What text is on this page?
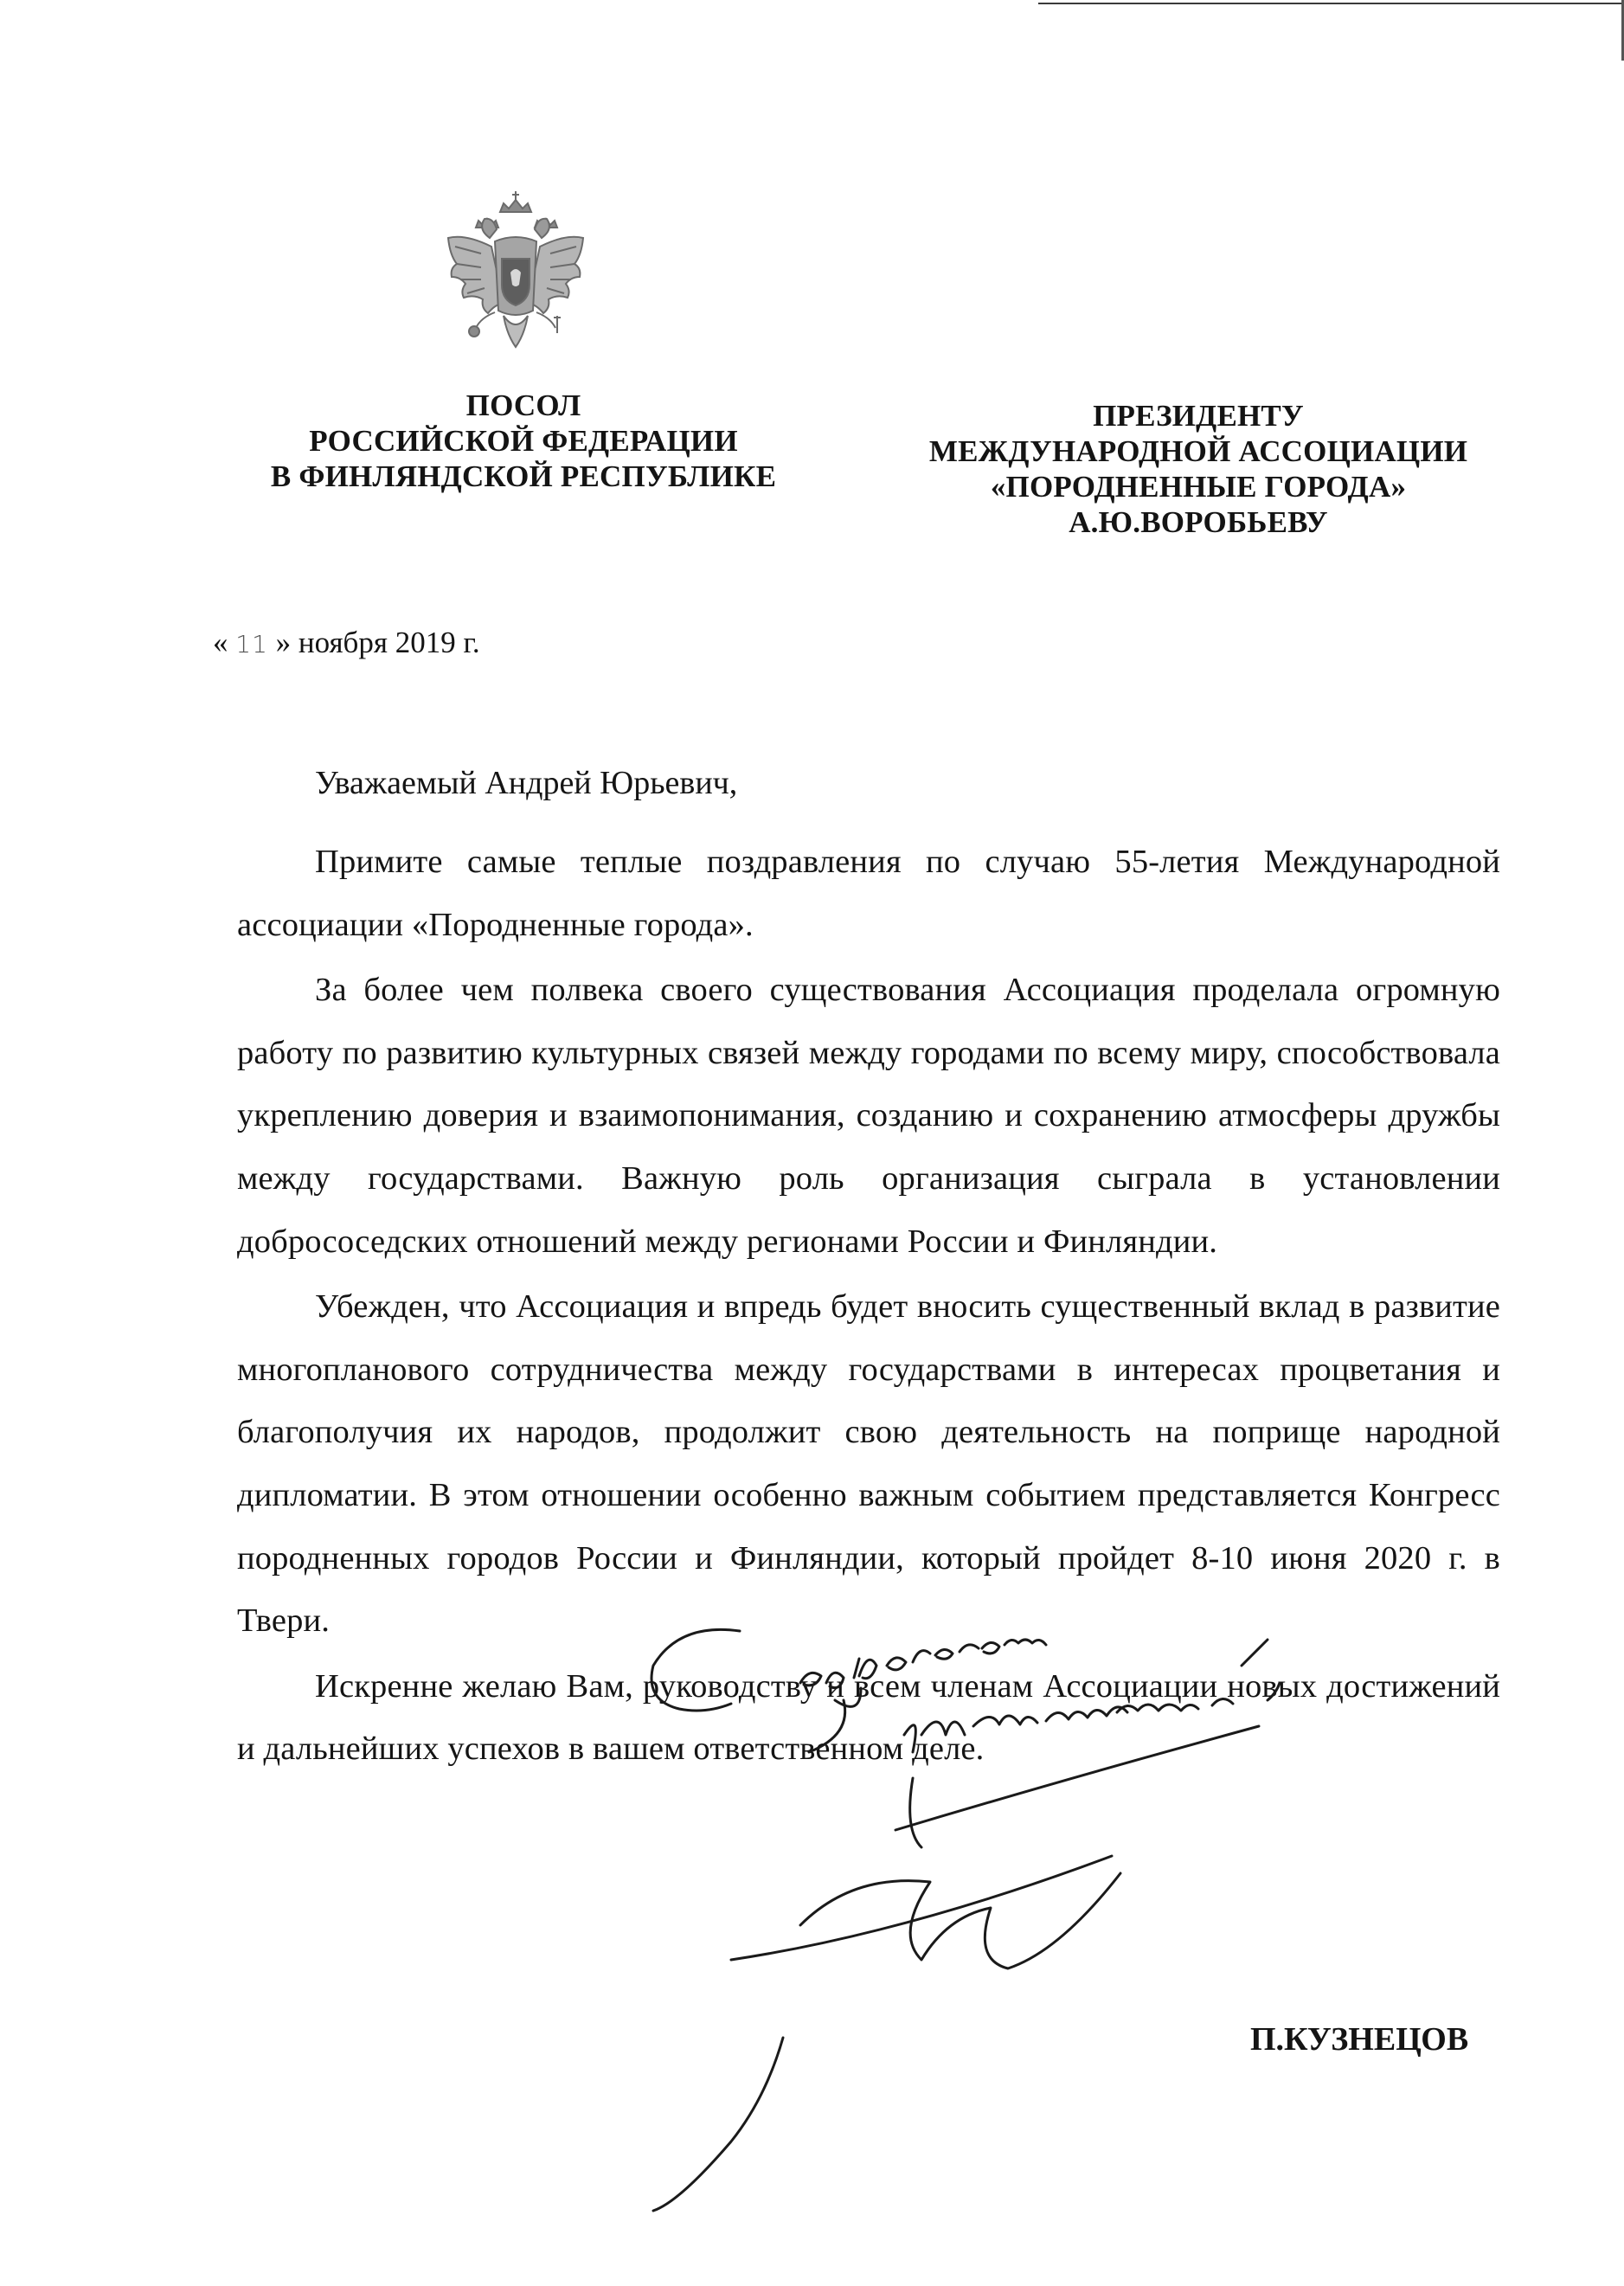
ПОСОЛ
РОССИЙСКОЙ ФЕДЕРАЦИИ
В ФИНЛЯНДСКОЙ РЕСПУБЛИКЕ
ПРЕЗИДЕНТУ
МЕЖДУНАРОДНОЙ АССОЦИАЦИИ
«ПОРОДНЕННЫЕ ГОРОДА»
А.Ю.ВОРОБЬЕВУ
« 11 » ноября 2019 г.
Уважаемый Андрей Юрьевич,

Примите самые теплые поздравления по случаю 55-летия Международной ассоциации «Породненные города».

За более чем полвека своего существования Ассоциация проделала огромную работу по развитию культурных связей между городами по всему миру, способствовала укреплению доверия и взаимопонимания, созданию и сохранению атмосферы дружбы между государствами. Важную роль организация сыграла в установлении добрососедских отношений между регионами России и Финляндии.

Убежден, что Ассоциация и впредь будет вносить существенный вклад в развитие многопланового сотрудничества между государствами в интересах процветания и благополучия их народов, продолжит свою деятельность на поприще народной дипломатии. В этом отношении особенно важным событием представляется Конгресс породненных городов России и Финляндии, который пройдет 8-10 июня 2020 г. в Твери.

Искренне желаю Вам, руководству и всем членам Ассоциации новых достижений и дальнейших успехов в вашем ответственном деле.

П.КУЗНЕЦОВ
